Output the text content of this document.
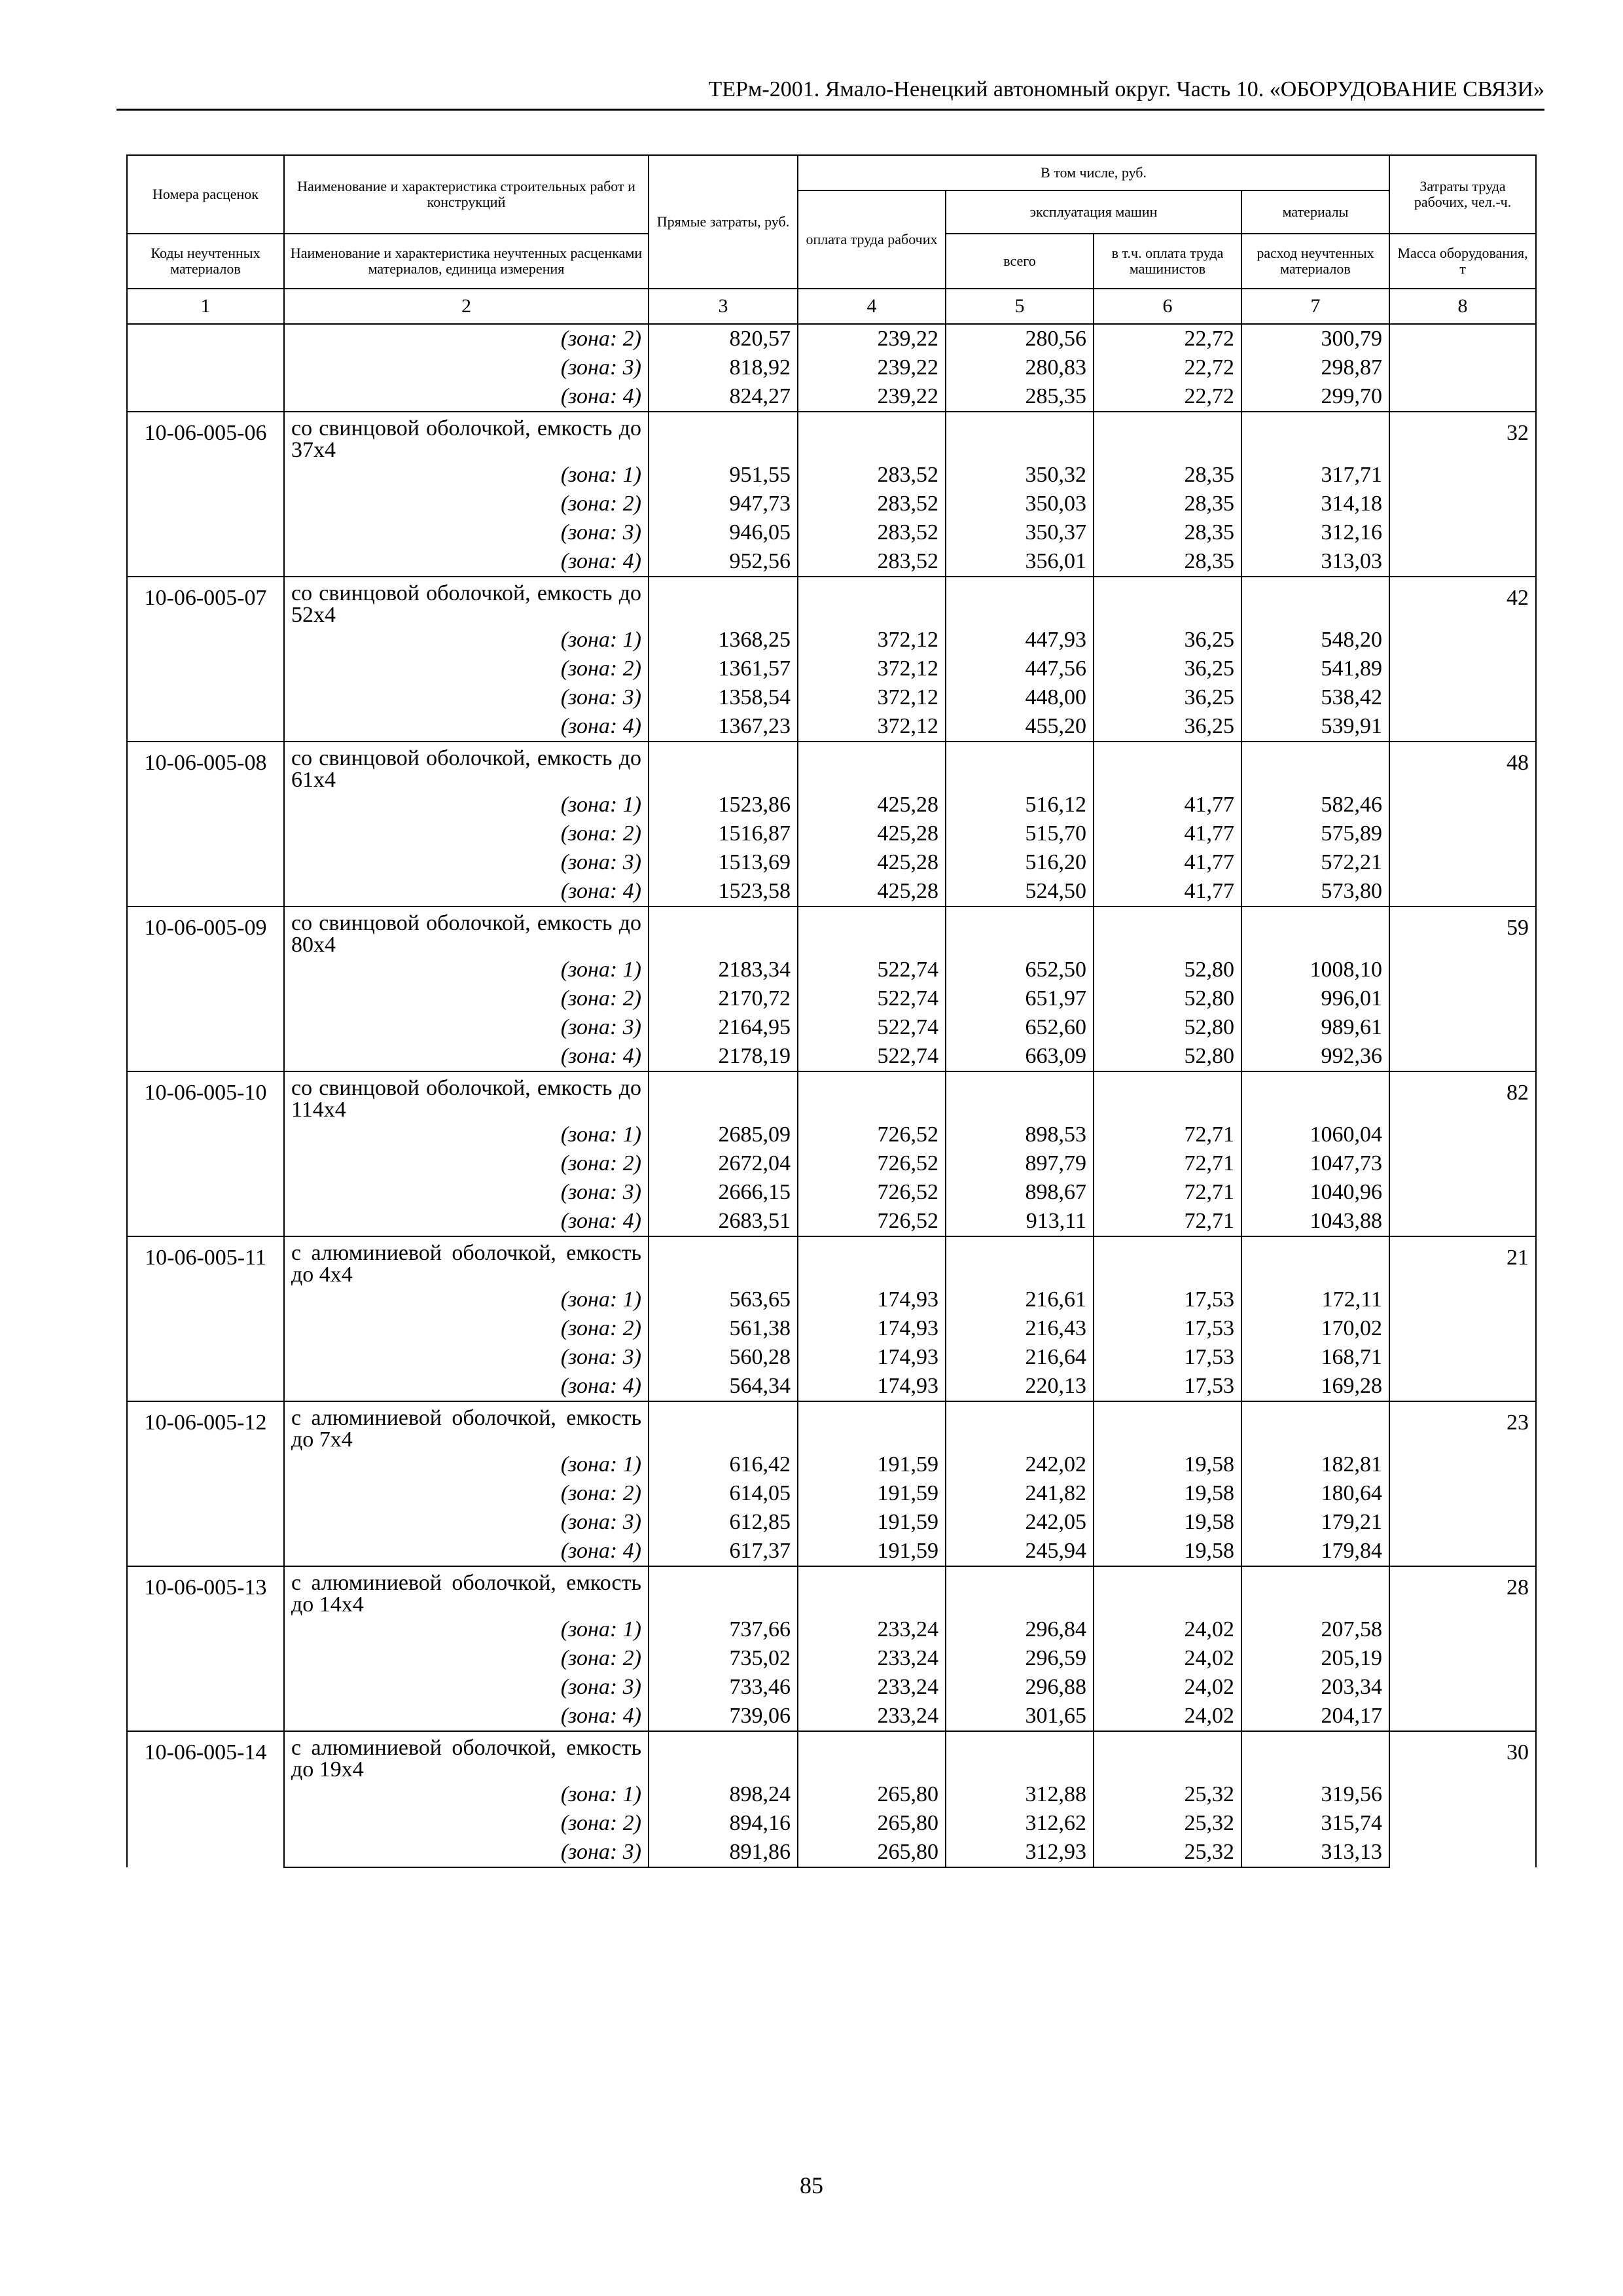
ТЕРм-2001. Ямало-Ненецкий автономный округ. Часть 10. «ОБОРУДОВАНИЕ СВЯЗИ»
Номера расценок	Наименование и характеристика строительных работ и конструкций	Прямые затраты, руб.	В том числе, руб.				Затраты труда рабочих, чел.-ч.
			оплата труда рабочих	эксплуатация машин		материалы	
Коды неучтенных материалов	Наименование и характеристика неучтенных расценками материалов, единица измерения			всего	в т.ч. оплата труда машинистов	расход неучтенных материалов	Масса оборудования, т
1	2	3	4	5	6	7	8
	(зона: 2)	820,57	239,22	280,56	22,72	300,79	
	(зона: 3)	818,92	239,22	280,83	22,72	298,87	
	(зона: 4)	824,27	239,22	285,35	22,72	299,70	
10-06-005-06	со свинцовой оболочкой, емкость до 37х4						32
	(зона: 1)	951,55	283,52	350,32	28,35	317,71	
	(зона: 2)	947,73	283,52	350,03	28,35	314,18	
	(зона: 3)	946,05	283,52	350,37	28,35	312,16	
	(зона: 4)	952,56	283,52	356,01	28,35	313,03	
10-06-005-07	со свинцовой оболочкой, емкость до 52х4						42
	(зона: 1)	1368,25	372,12	447,93	36,25	548,20	
	(зона: 2)	1361,57	372,12	447,56	36,25	541,89	
	(зона: 3)	1358,54	372,12	448,00	36,25	538,42	
	(зона: 4)	1367,23	372,12	455,20	36,25	539,91	
10-06-005-08	со свинцовой оболочкой, емкость до 61х4						48
	(зона: 1)	1523,86	425,28	516,12	41,77	582,46	
	(зона: 2)	1516,87	425,28	515,70	41,77	575,89	
	(зона: 3)	1513,69	425,28	516,20	41,77	572,21	
	(зона: 4)	1523,58	425,28	524,50	41,77	573,80	
10-06-005-09	со свинцовой оболочкой, емкость до 80х4						59
	(зона: 1)	2183,34	522,74	652,50	52,80	1008,10	
	(зона: 2)	2170,72	522,74	651,97	52,80	996,01	
	(зона: 3)	2164,95	522,74	652,60	52,80	989,61	
	(зона: 4)	2178,19	522,74	663,09	52,80	992,36	
10-06-005-10	со свинцовой оболочкой, емкость до 114х4						82
	(зона: 1)	2685,09	726,52	898,53	72,71	1060,04	
	(зона: 2)	2672,04	726,52	897,79	72,71	1047,73	
	(зона: 3)	2666,15	726,52	898,67	72,71	1040,96	
	(зона: 4)	2683,51	726,52	913,11	72,71	1043,88	
10-06-005-11	с алюминиевой оболочкой, емкость до 4х4						21
	(зона: 1)	563,65	174,93	216,61	17,53	172,11	
	(зона: 2)	561,38	174,93	216,43	17,53	170,02	
	(зона: 3)	560,28	174,93	216,64	17,53	168,71	
	(зона: 4)	564,34	174,93	220,13	17,53	169,28	
10-06-005-12	с алюминиевой оболочкой, емкость до 7х4						23
	(зона: 1)	616,42	191,59	242,02	19,58	182,81	
	(зона: 2)	614,05	191,59	241,82	19,58	180,64	
	(зона: 3)	612,85	191,59	242,05	19,58	179,21	
	(зона: 4)	617,37	191,59	245,94	19,58	179,84	
10-06-005-13	с алюминиевой оболочкой, емкость до 14х4						28
	(зона: 1)	737,66	233,24	296,84	24,02	207,58	
	(зона: 2)	735,02	233,24	296,59	24,02	205,19	
	(зона: 3)	733,46	233,24	296,88	24,02	203,34	
	(зона: 4)	739,06	233,24	301,65	24,02	204,17	
10-06-005-14	с алюминиевой оболочкой, емкость до 19х4						30
	(зона: 1)	898,24	265,80	312,88	25,32	319,56	
	(зона: 2)	894,16	265,80	312,62	25,32	315,74	
	(зона: 3)	891,86	265,80	312,93	25,32	313,13	
85
